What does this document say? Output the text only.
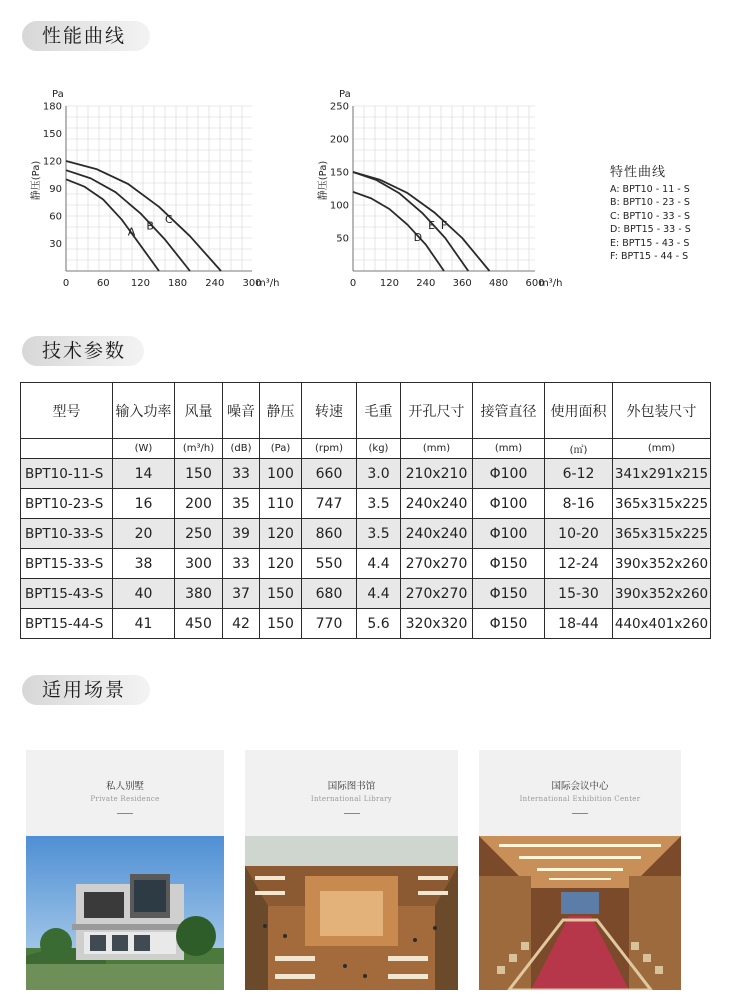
性能曲线
0	60 120 180 240 300
30
60
90
120
150
180
Pa
m³/h
静压(Pa)
A B C
0 120 240 360 480 600
50
100
150
200
250
Pa
m³/h
静压(Pa)
D
E F
特性曲线
A: BPT10 - 11 - S
B: BPT10 - 23 - S
C: BPT10 - 33 - S
D: BPT15 - 33 - S
E: BPT15 - 43 - S
F: BPT15 - 44 - S
技术参数
型号	输入功率	风量	噪音	静压	转速	毛重	开孔尺寸	接管直径	使用面积	外包装尺寸
	(W)	(m³/h)	(dB)	(Pa)	(rpm)	(kg)	(mm)	(mm)	(㎡)	(mm)
BPT10-11-S	14	150	33	100	660	3.0	210x210	Φ100	6-12	341x291x215
BPT10-23-S	16	200	35	110	747	3.5	240x240	Φ100	8-16	365x315x225
BPT10-33-S	20	250	39	120	860	3.5	240x240	Φ100	10-20	365x315x225
BPT15-33-S	38	300	33	120	550	4.4	270x270	Φ150	12-24	390x352x260
BPT15-43-S	40	380	37	150	680	4.4	270x270	Φ150	15-30	390x352x260
BPT15-44-S	41	450	42	150	770	5.6	320x320	Φ150	18-44	440x401x260
适用场景
私人别墅
Private Residence
国际图书馆
International Library
国际会议中心
International Exhibition Center
